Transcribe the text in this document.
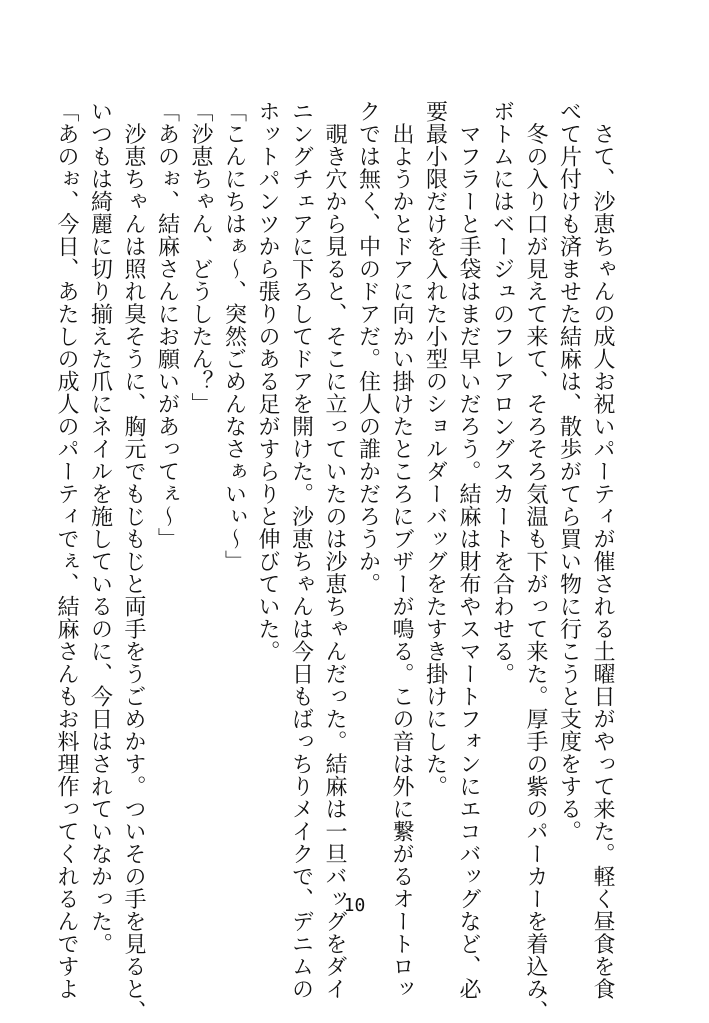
　さて、沙恵ちゃんの成人お祝いパーティが催される土曜日がやって来た。軽く昼食を食
べて片付けも済ませた結麻は、散歩がてら買い物に行こうと支度をする。
　冬の入り口が見えて来て、そろそろ気温も下がって来た。厚手の紫のパーカーを着込み、
ボトムにはベージュのフレアロングスカートを合わせる。
　マフラーと手袋はまだ早いだろう。結麻は財布やスマートフォンにエコバッグなど、必
要最小限だけを入れた小型のショルダーバッグをたすき掛けにした。
　出ようかとドアに向かい掛けたところにブザーが鳴る。この音は外に繋がるオートロッ
クでは無く、中のドアだ。住人の誰かだろうか。
　覗き穴から見ると、そこに立っていたのは沙恵ちゃんだった。結麻は一旦バッグをダイ
ニングチェアに下ろしてドアを開けた。沙恵ちゃんは今日もばっちりメイクで、デニムの
ホットパンツから張りのある足がすらりと伸びていた。
「こんにちはぁ〜、突然ごめんなさぁいぃ〜」
「沙恵ちゃん、どうしたん？」
「あのぉ、結麻さんにお願いがあってぇ〜」
　沙恵ちゃんは照れ臭そうに、胸元でもじもじと両手をうごめかす。ついその手を見ると、
いつもは綺麗に切り揃えた爪にネイルを施しているのに、今日はされていなかった。
「あのぉ、今日、あたしの成人のパーティでぇ、結麻さんもお料理作ってくれるんですよ	10
